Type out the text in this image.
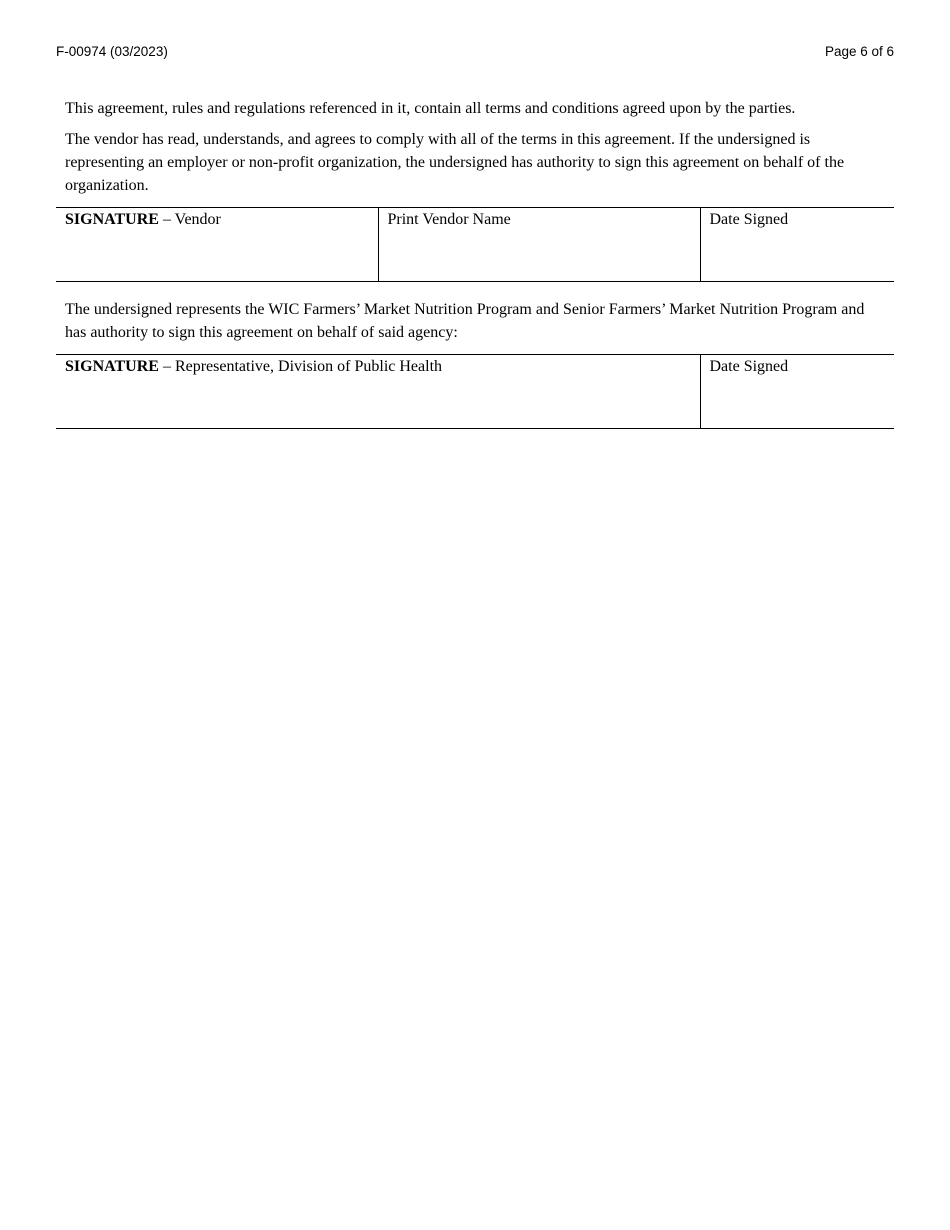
F-00974 (03/2023)	Page 6 of 6

This agreement, rules and regulations referenced in it, contain all terms and conditions agreed upon by the parties.

The vendor has read, understands, and agrees to comply with all of the terms in this agreement. If the undersigned is representing an employer or non-profit organization, the undersigned has authority to sign this agreement on behalf of the organization.

SIGNATURE – Vendor	Print Vendor Name	Date Signed

The undersigned represents the WIC Farmers’ Market Nutrition Program and Senior Farmers’ Market Nutrition Program and has authority to sign this agreement on behalf of said agency:

SIGNATURE – Representative, Division of Public Health	Date Signed
